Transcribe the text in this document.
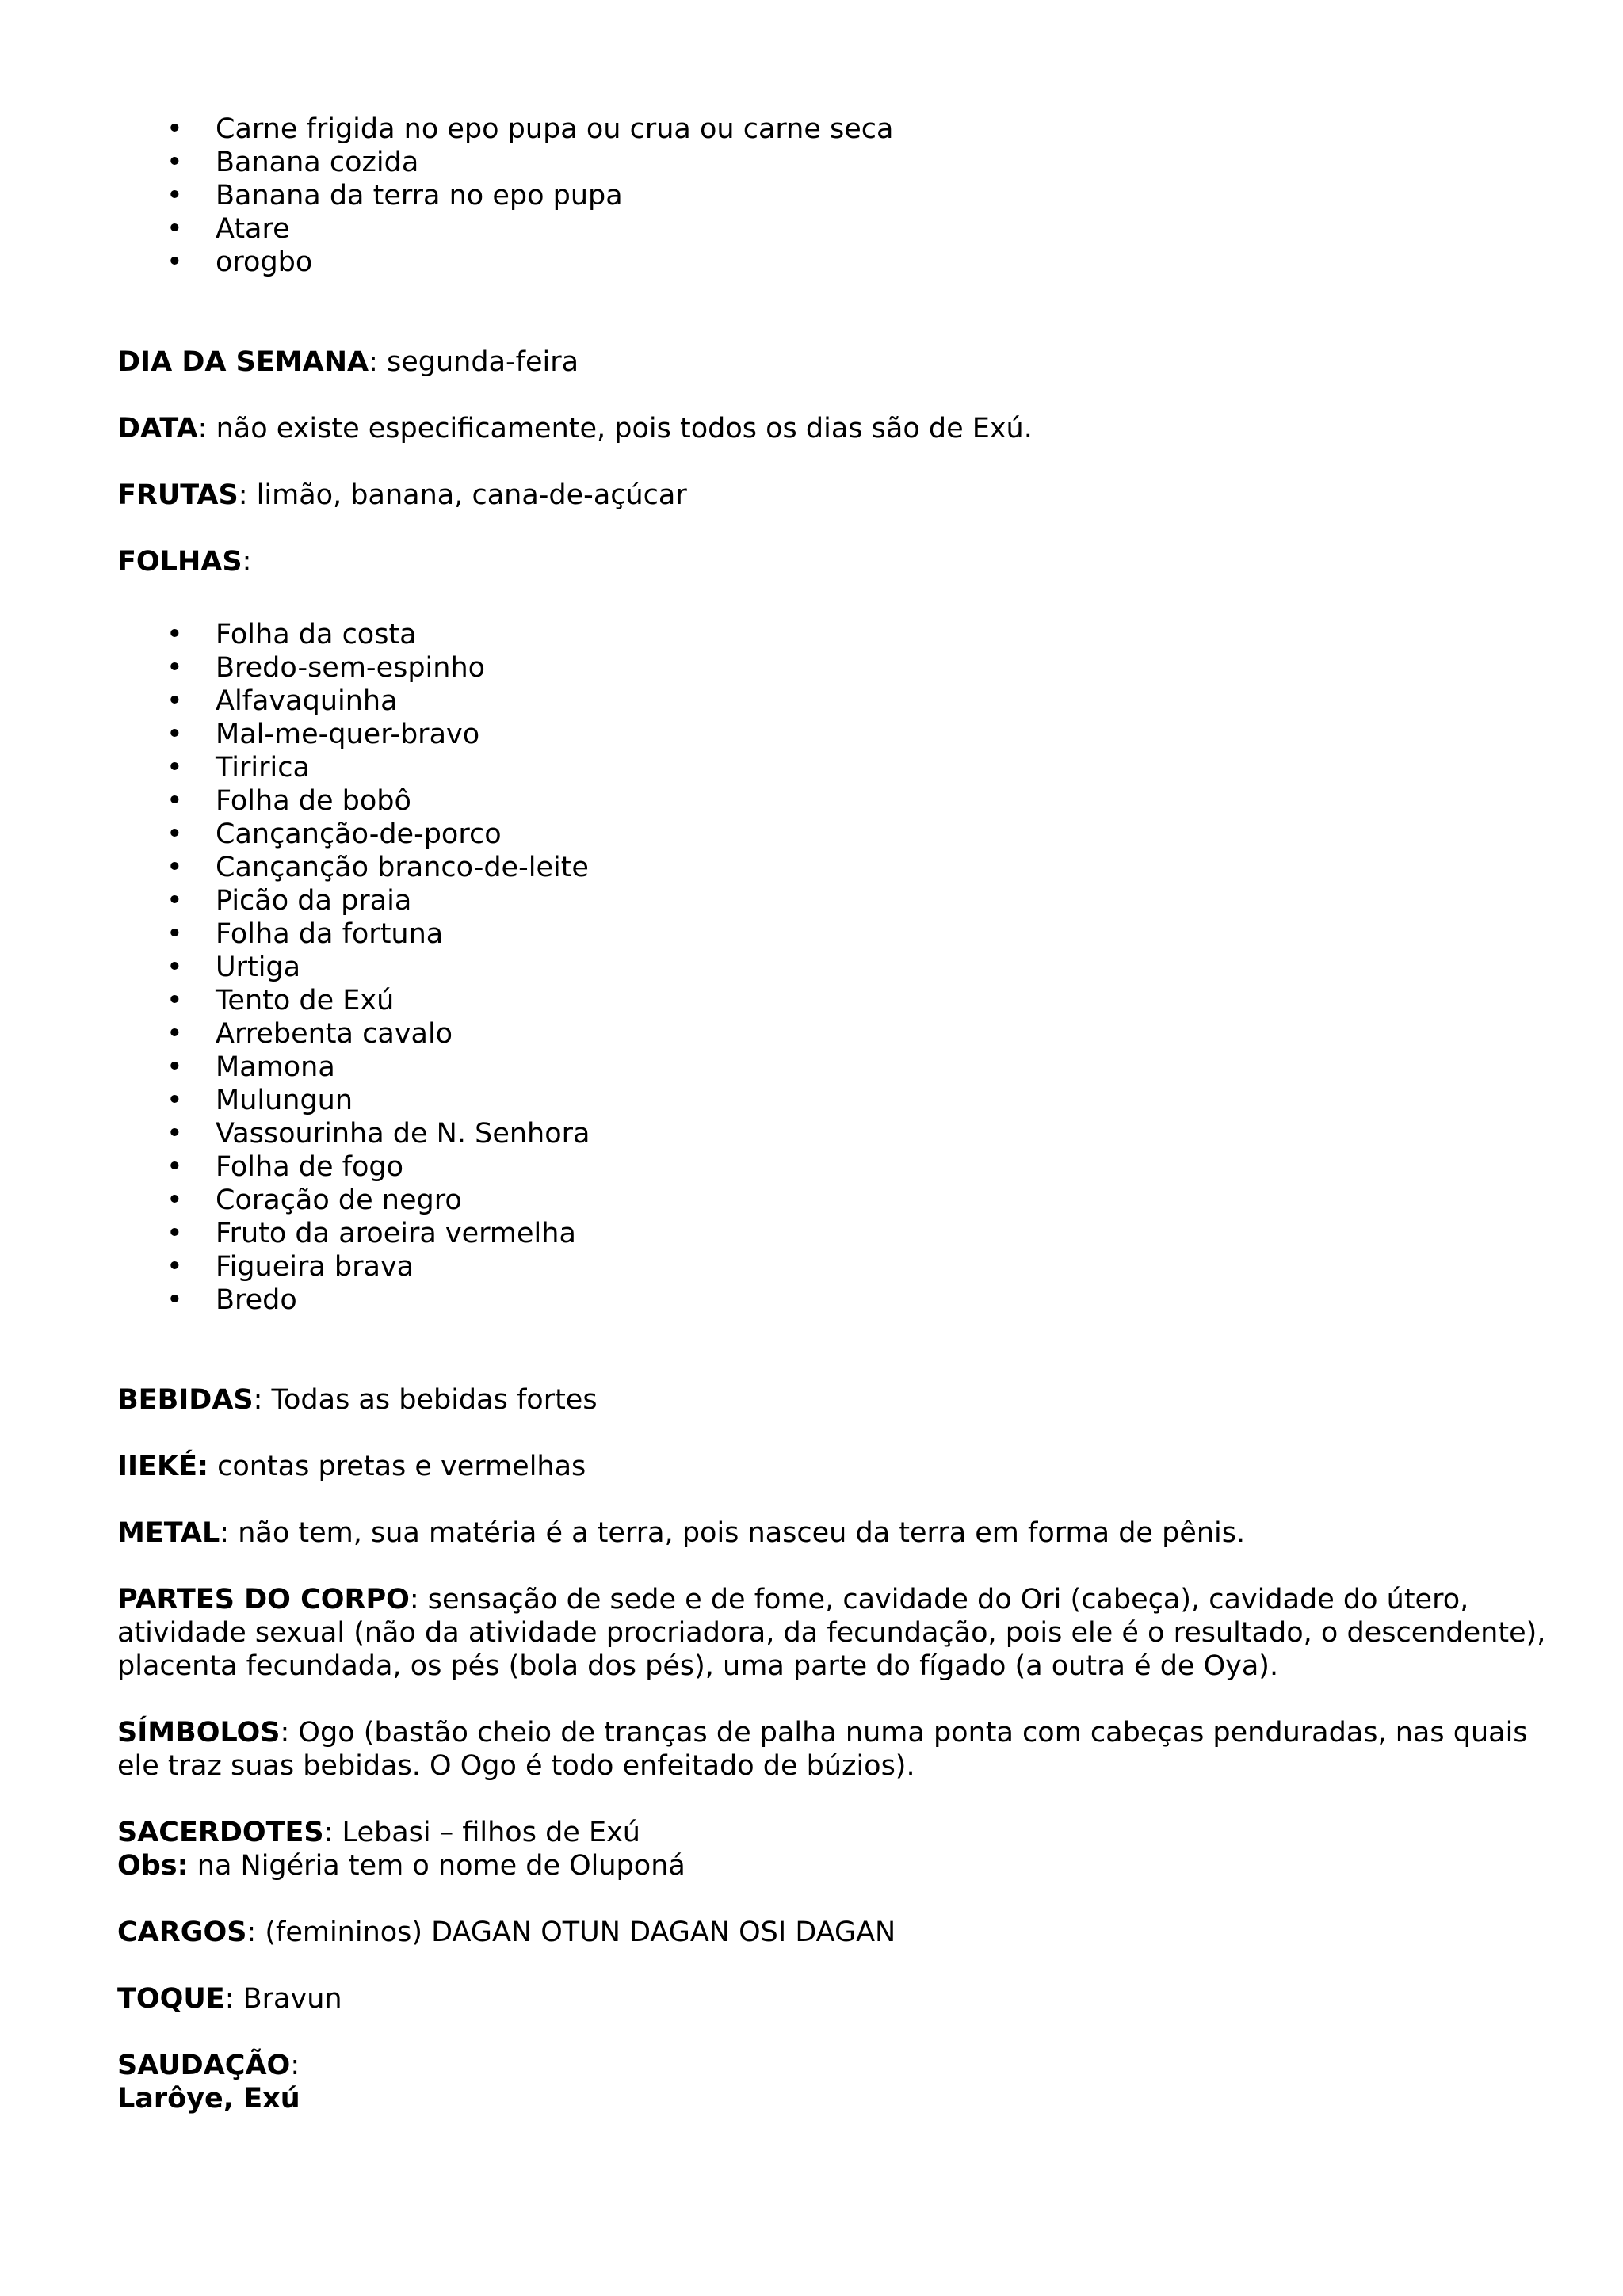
• Carne frigida no epo pupa ou crua ou carne seca
• Banana cozida
• Banana da terra no epo pupa
• Atare
• orogbo

DIA DA SEMANA: segunda-feira

DATA: não existe especificamente, pois todos os dias são de Exú.

FRUTAS: limão, banana, cana-de-açúcar

FOLHAS:

• Folha da costa
• Bredo-sem-espinho
• Alfavaquinha
• Mal-me-quer-bravo
• Tiririca
• Folha de bobô
• Cançanção-de-porco
• Cançanção branco-de-leite
• Picão da praia
• Folha da fortuna
• Urtiga
• Tento de Exú
• Arrebenta cavalo
• Mamona
• Mulungun
• Vassourinha de N. Senhora
• Folha de fogo
• Coração de negro
• Fruto da aroeira vermelha
• Figueira brava
• Bredo

BEBIDAS: Todas as bebidas fortes

IIEKÉ: contas pretas e vermelhas

METAL: não tem, sua matéria é a terra, pois nasceu da terra em forma de pênis.

PARTES DO CORPO: sensação de sede e de fome, cavidade do Ori (cabeça), cavidade do útero,

atividade sexual (não da atividade procriadora, da fecundação, pois ele é o resultado, o descendente),

placenta fecundada, os pés (bola dos pés), uma parte do fígado (a outra é de Oya).

SÍMBOLOS: Ogo (bastão cheio de tranças de palha numa ponta com cabeças penduradas, nas quais

ele traz suas bebidas. O Ogo é todo enfeitado de búzios).

SACERDOTES: Lebasi – filhos de Exú

Obs: na Nigéria tem o nome de Oluponá

CARGOS: (femininos) DAGAN OTUN DAGAN OSI DAGAN

TOQUE: Bravun

SAUDAÇÃO:

Larôye, Exú
